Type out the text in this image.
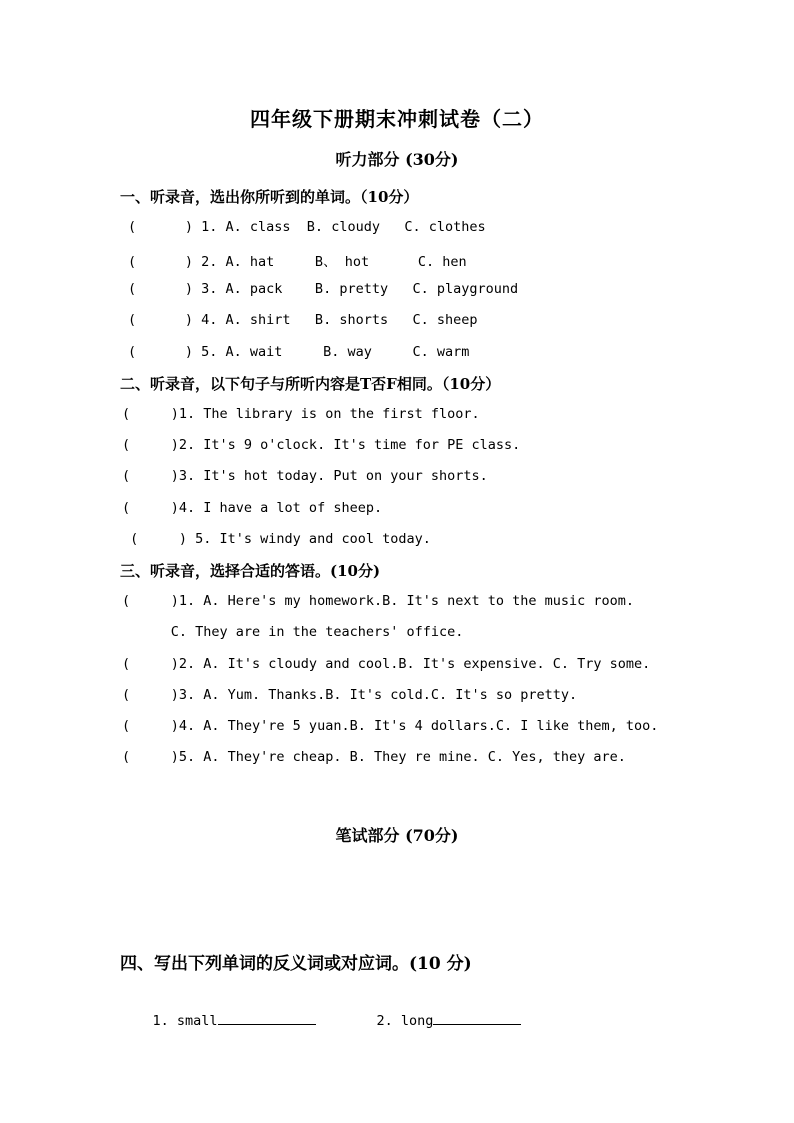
四年级下册期末冲刺试卷（二）
听力部分 (30分)
一、听录音，选出你所听到的单词。（10分）
(      ) 1. A. class  B. cloudy   C. clothes
(      ) 2. A. hat     B、 hot      C. hen
(      ) 3. A. pack    B. pretty   C. playground
(      ) 4. A. shirt   B. shorts   C. sheep
(      ) 5. A. wait     B. way     C. warm
二、听录音，以下句子与所听内容是T否F相同。（10分）
(     )1. The library is on the first floor.
(     )2. It's 9 o'clock. It's time for PE class.
(     )3. It's hot today. Put on your shorts.
(     )4. I have a lot of sheep.
(     ) 5. It's windy and cool today.
三、听录音，选择合适的答语。(10分)
(     )1. A. Here's my homework.B. It's next to the music room.
C. They are in the teachers' office.
(     )2. A. It's cloudy and cool.B. It's expensive. C. Try some.
(     )3. A. Yum. Thanks.B. It's cold.C. It's so pretty.
(     )4. A. They're 5 yuan.B. It's 4 dollars.C. I like them, too.
(     )5. A. They're cheap. B. They re mine. C. Yes, they are.
笔试部分 (70分)
四、写出下列单词的反义词或对应词。(10 分)

1. small
	2. long
